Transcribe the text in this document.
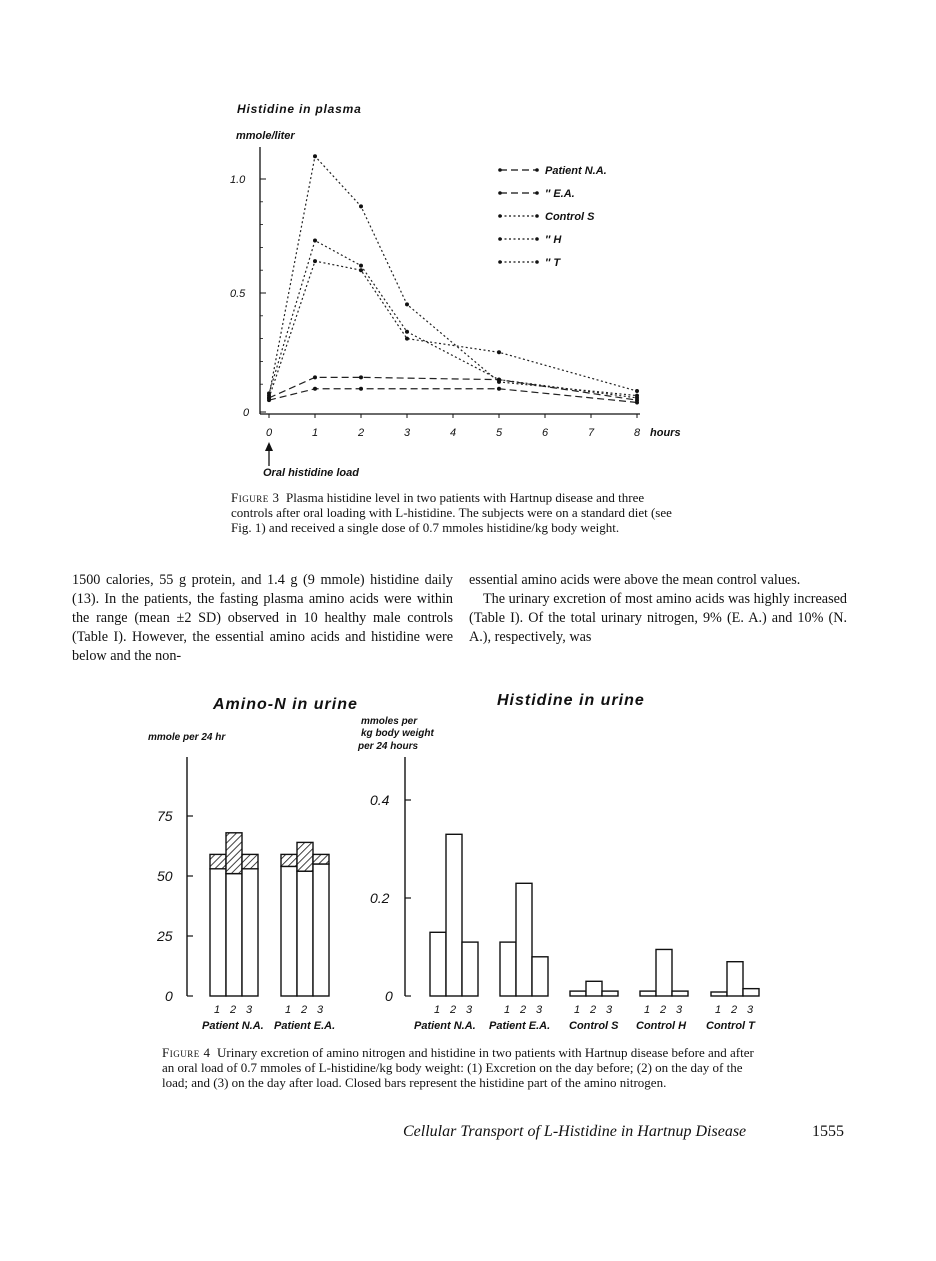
Histidine in plasma
mmole/liter
0
0.5
1.0
0	1	2	3	4	5	6	7	8
Patient N.A.
″ E.A.
Control S
″ H
″ T
Oral histidine load
hours
Figure 3 Plasma histidine level in two patients with Hartnup disease and three controls after oral loading with L-histidine. The subjects were on a standard diet (see Fig. 1) and received a single dose of 0.7 mmoles histidine/kg body weight.

1500 calories, 55 g protein, and 1.4 g (9 mmole) histidine daily (13). In the patients, the fasting plasma amino acids were within the range (mean ±2 SD) observed in 10 healthy male controls (Table I). However, the essential amino acids and histidine were below and the non-

essential amino acids were above the mean control values.

The urinary excretion of most amino acids was highly increased (Table I). Of the total urinary nitrogen, 9% (E. A.) and 10% (N. A.), respectively, was

Amino-N in urine
mmole per 24 hr
Histidine in urine
mmoles per
kg body weight
per 24 hours
0
25
50
75
1 2 3
Patient N.A.
1 2 3
Patient E.A.
0
0.2
0.4
1 2 3	1 2 3	1 2 3	1 2 3	1 2 3
Patient N.A. Patient E.A. Control S Control H Control T
Figure 4 Urinary excretion of amino nitrogen and histidine in two patients with Hartnup disease before and after an oral load of 0.7 mmoles of L-histidine/kg body weight: (1) Excretion on the day before; (2) on the day of the load; and (3) on the day after load. Closed bars represent the histidine part of the amino nitrogen.
Cellular Transport of L-Histidine in Hartnup Disease	1555
